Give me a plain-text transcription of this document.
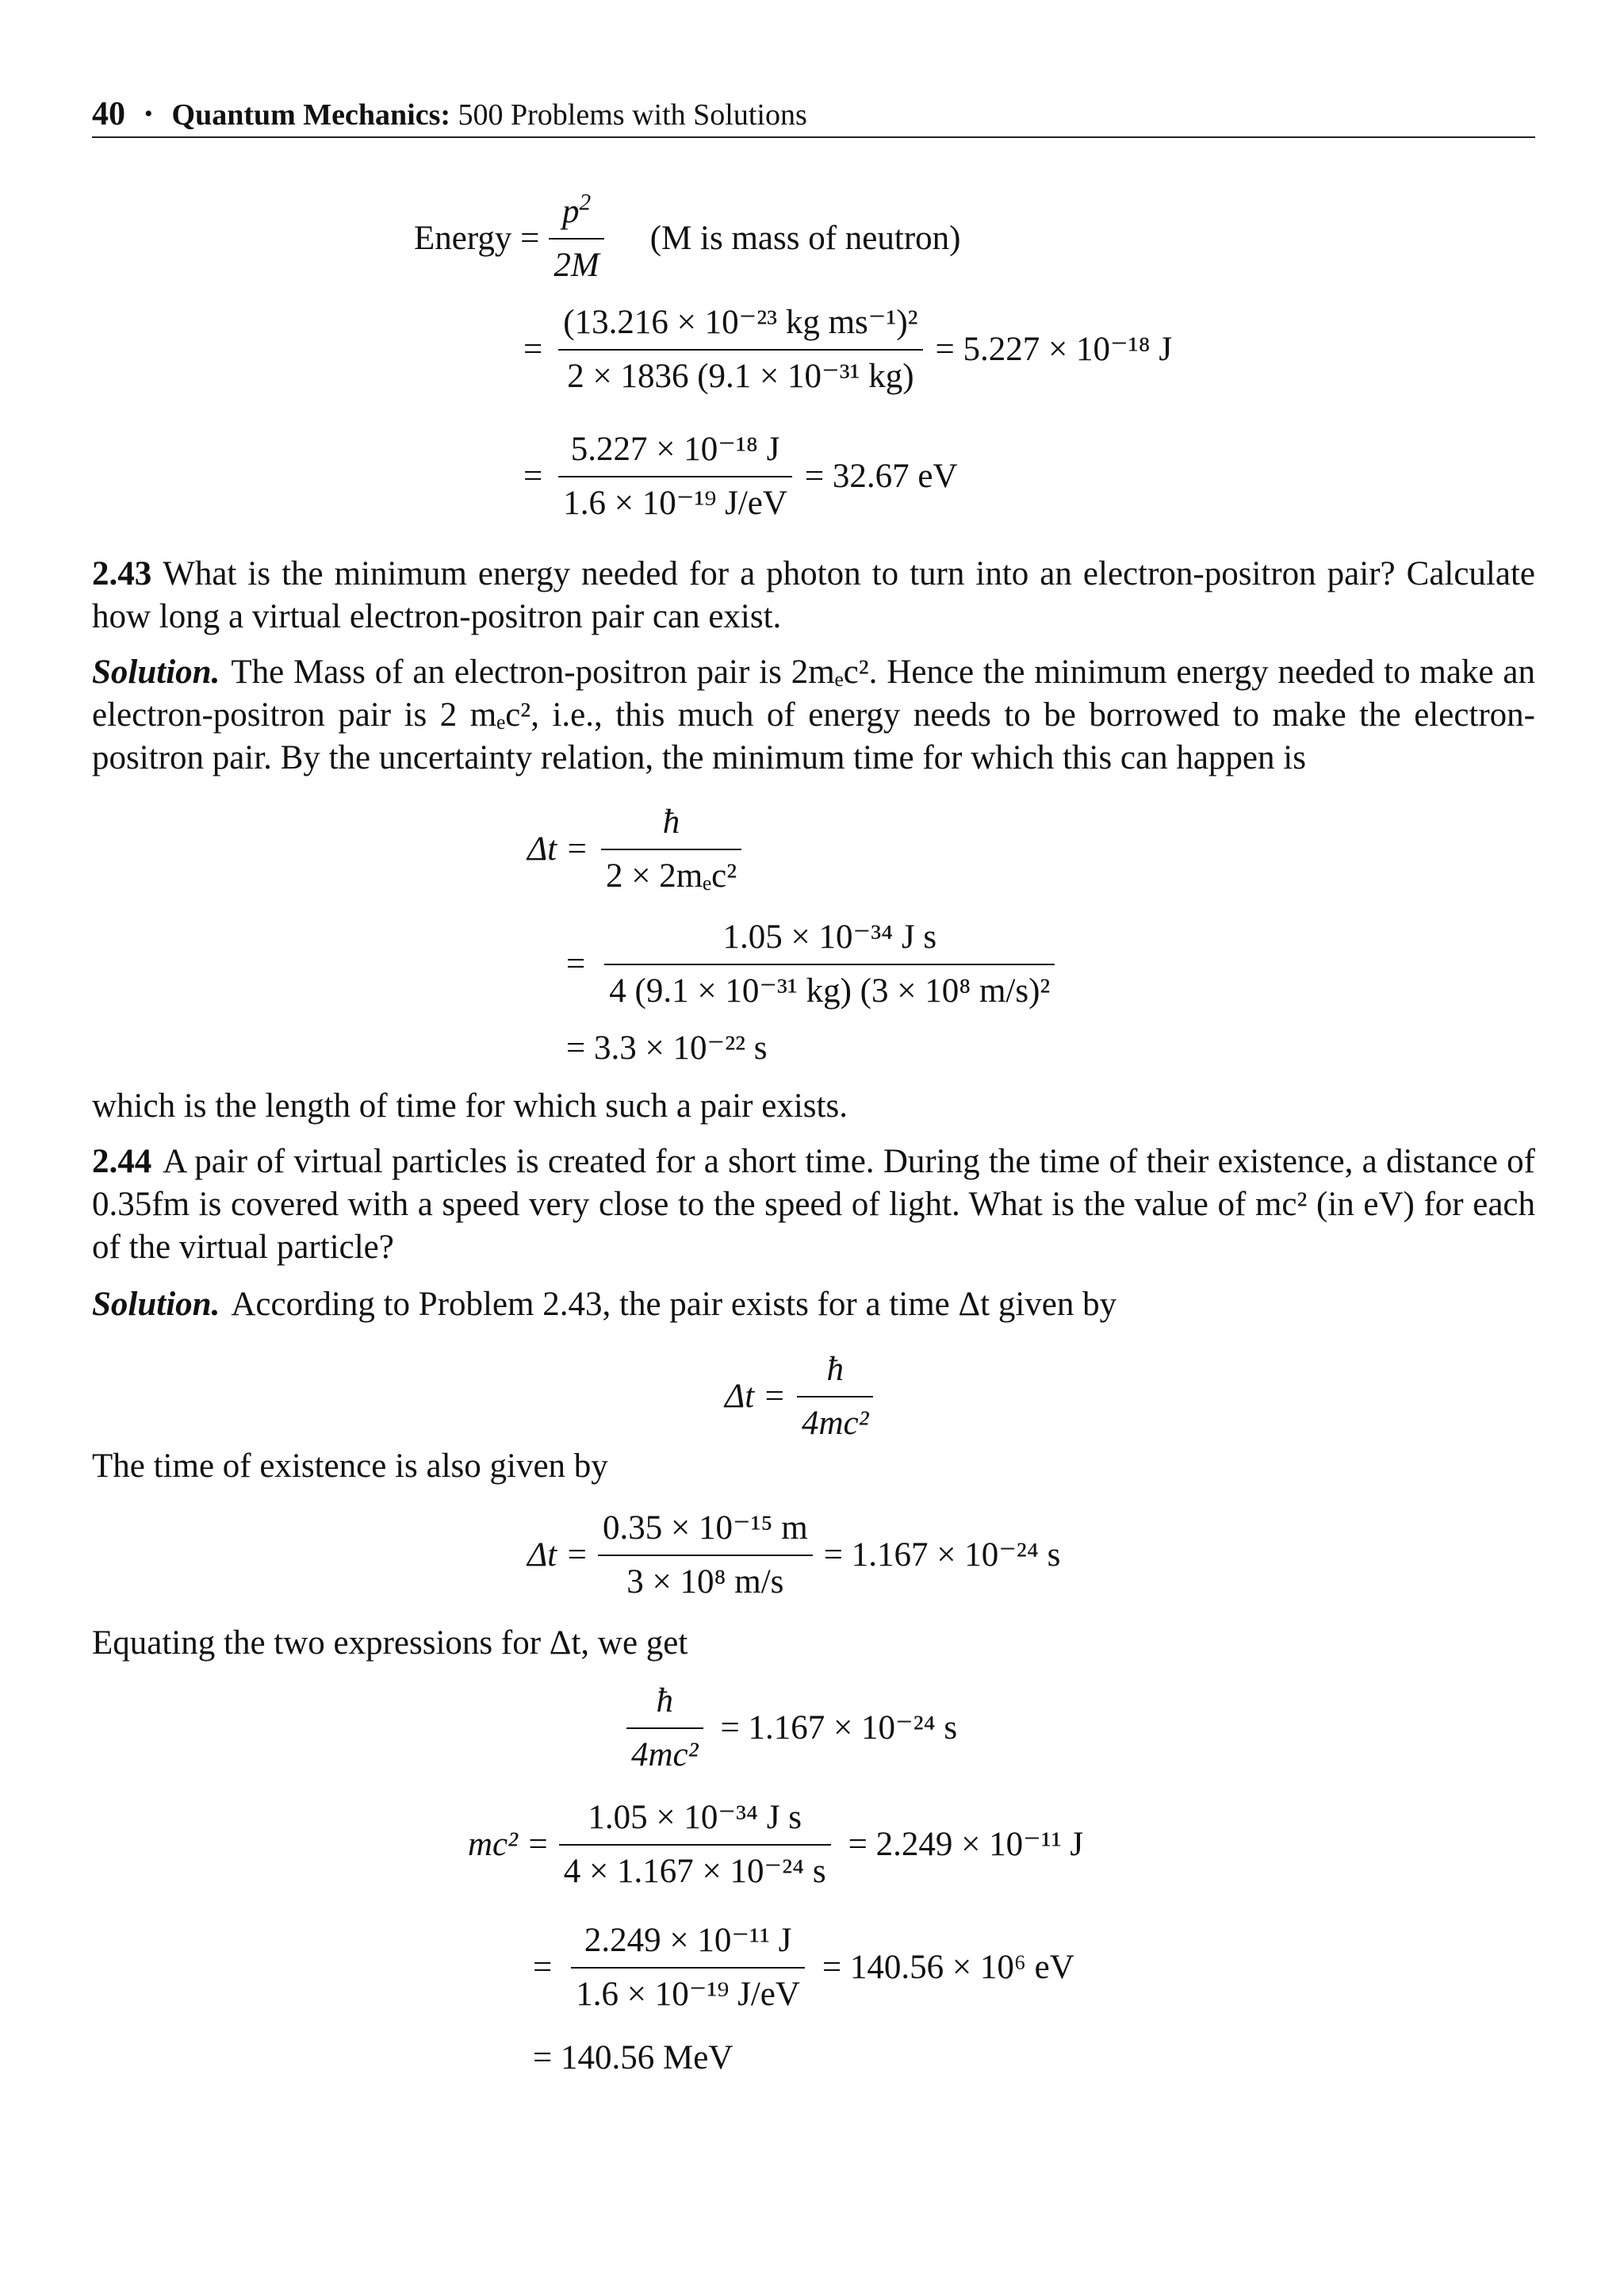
40 • Quantum Mechanics: 500 Problems with Solutions
Energy = $\frac{p^2}{2M} (M$ is mass of neutron)
= $\frac{\text{(13.216 × 10⁻²³ kg ms⁻¹)²}}{\text{2 × 1836 (9.1 × 10⁻³¹ kg)}} = 5.227 \times 10^{-18}$ J
= $\frac{\text{5.227 × 10⁻¹⁸ J}}{\text{1.6 × 10⁻¹⁹ J/eV}} = 32.67$ eV
2.43 What is the minimum energy needed for a photon to turn into an electron-positron pair? Calculate how long a virtual electron-positron pair can exist.
Solution. The Mass of an electron-positron pair is 2mₑc². Hence the minimum energy needed to make an electron-positron pair is 2 mₑc², i.e., this much of energy needs to be borrowed to make the electron-positron pair. By the uncertainty relation, the minimum time for which this can happen is
$\Delta t = \frac{ħ}{\text{2 × 2mₑc²}}$
= $\frac{\text{1.05 × 10⁻³⁴ J s}}{\text{4 (9.1 × 10⁻³¹ kg) (3 × 10⁸ m/s)²}}$
= 3.3 × 10⁻²² s
which is the length of time for which such a pair exists.
2.44 A pair of virtual particles is created for a short time. During the time of their existence, a distance of 0.35fm is covered with a speed very close to the speed of light. What is the value of mc² (in eV) for each of the virtual particle?
Solution. According to Problem 2.43, the pair exists for a time Δt given by
$\Delta t = \frac{ħ}{\text{4mc²}}$
The time of existence is also given by
$\Delta t = \frac{\text{0.35 × 10⁻¹⁵ m}}{\text{3 × 10⁸ m/s}} = 1.167 \times 10^{-24}$ s
Equating the two expressions for Δt, we get
$\frac{ħ}{\text{4mc²}} = 1.167 \times 10^{-24}$ s
$mc^2 = \frac{\text{1.05 × 10⁻³⁴ J s}}{\text{4 × 1.167 × 10⁻²⁴ s}} = 2.249 \times 10^{-11}$ J
= $\frac{\text{2.249 × 10⁻¹¹ J}}{\text{1.6 × 10⁻¹⁹ J/eV}} = 140.56 \times 10^6$ eV
= 140.56 MeV
